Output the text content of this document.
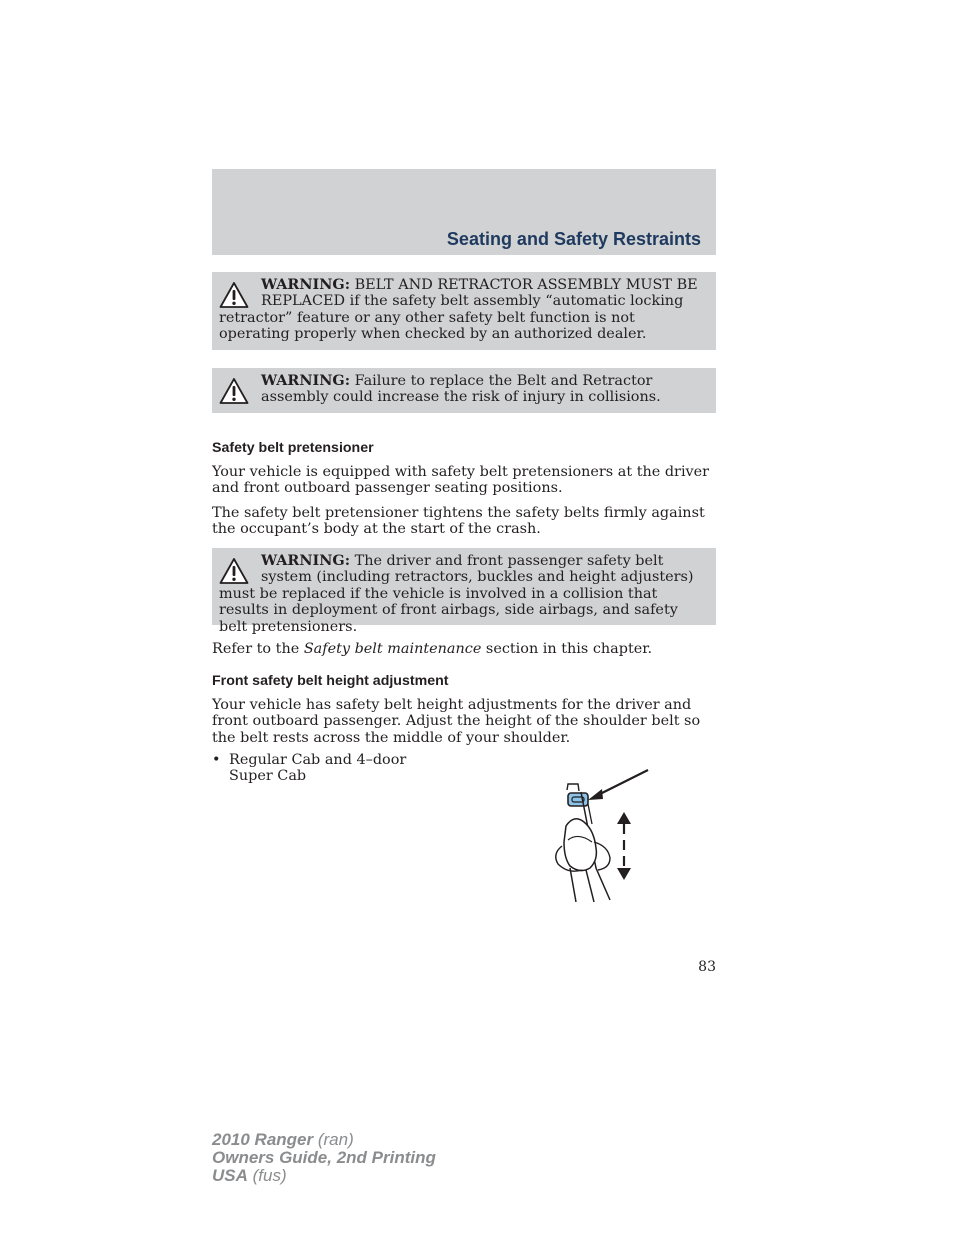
Seating and Safety Restraints
WARNING: BELT AND RETRACTOR ASSEMBLY MUST BE REPLACED if the safety belt assembly “automatic locking retractor” feature or any other safety belt function is not operating properly when checked by an authorized dealer.
WARNING: Failure to replace the Belt and Retractor assembly could increase the risk of injury in collisions.
Safety belt pretensioner
Your vehicle is equipped with safety belt pretensioners at the driver and front outboard passenger seating positions.
The safety belt pretensioner tightens the safety belts firmly against the occupant’s body at the start of the crash.
WARNING: The driver and front passenger safety belt system (including retractors, buckles and height adjusters) must be replaced if the vehicle is involved in a collision that results in deployment of front airbags, side airbags, and safety belt pretensioners.
Refer to the Safety belt maintenance section in this chapter.
Front safety belt height adjustment
Your vehicle has safety belt height adjustments for the driver and front outboard passenger. Adjust the height of the shoulder belt so the belt rests across the middle of your shoulder.
• Regular Cab and 4–door Super Cab
83
2010 Ranger (ran)
Owners Guide, 2nd Printing
USA (fus)
